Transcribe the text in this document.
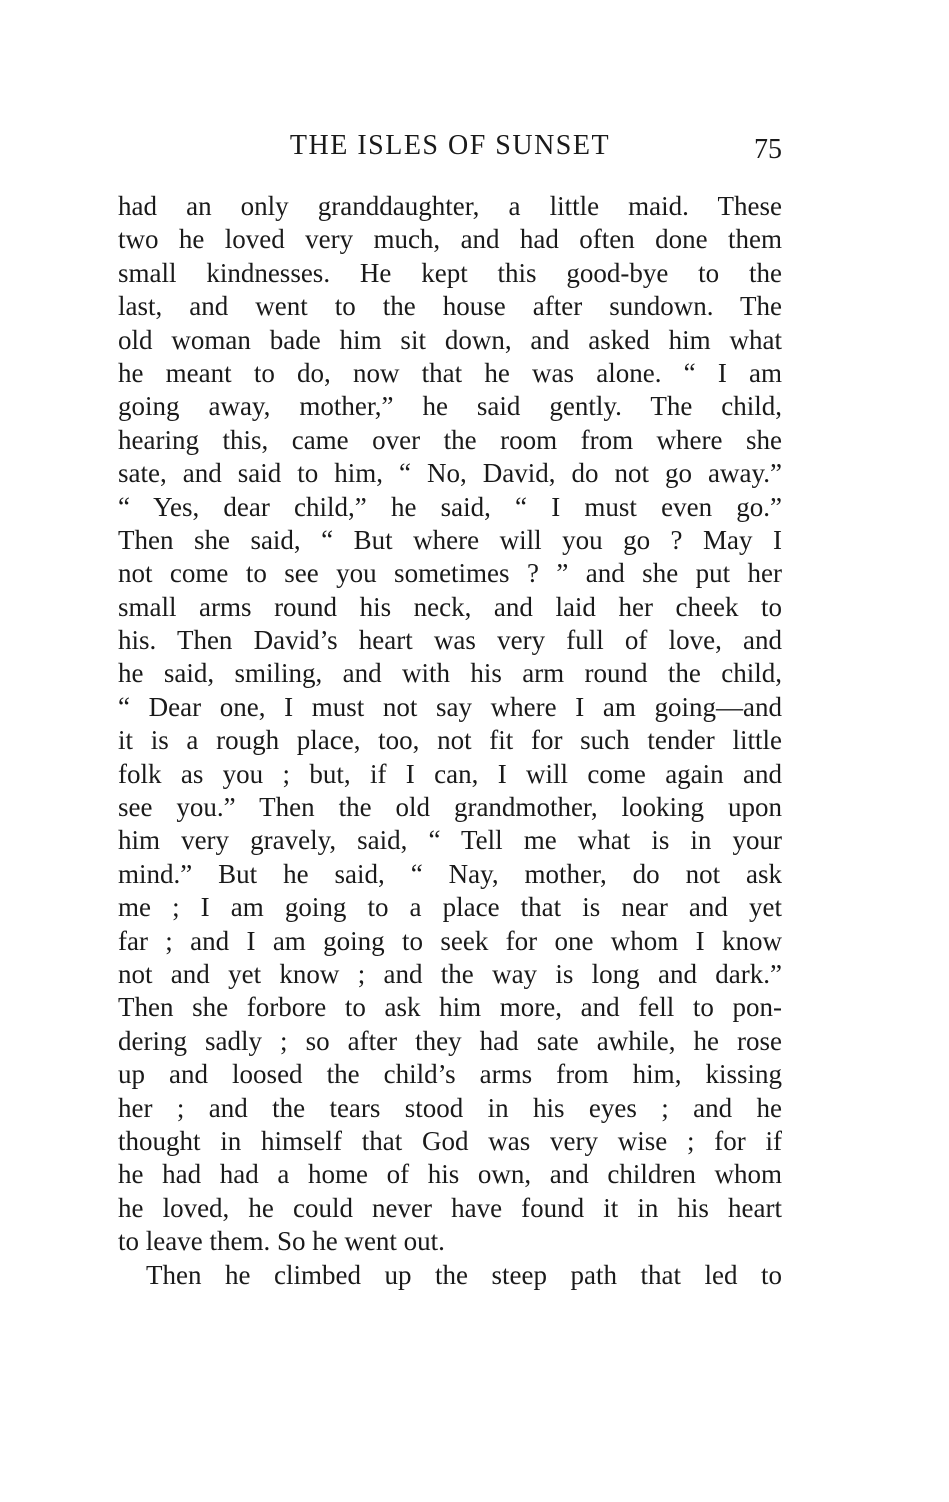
THE ISLES OF SUNSET	75
had an only granddaughter, a little maid. These
two he loved very much, and had often done them
small kindnesses. He kept this good-bye to the
last, and went to the house after sundown. The
old woman bade him sit down, and asked him what
he meant to do, now that he was alone. “ I am
going away, mother,” he said gently. The child,
hearing this, came over the room from where she
sate, and said to him, “ No, David, do not go away.”
“ Yes, dear child,” he said, “ I must even go.”
Then she said, “ But where will you go ? May I
not come to see you sometimes ? ” and she put her
small arms round his neck, and laid her cheek to
his. Then David’s heart was very full of love, and
he said, smiling, and with his arm round the child,
“ Dear one, I must not say where I am going—and
it is a rough place, too, not fit for such tender little
folk as you ; but, if I can, I will come again and
see you.” Then the old grandmother, looking upon
him very gravely, said, “ Tell me what is in your
mind.” But he said, “ Nay, mother, do not ask
me ; I am going to a place that is near and yet
far ; and I am going to seek for one whom I know
not and yet know ; and the way is long and dark.”
Then she forbore to ask him more, and fell to pon-
dering sadly ; so after they had sate awhile, he rose
up and loosed the child’s arms from him, kissing
her ; and the tears stood in his eyes ; and he
thought in himself that God was very wise ; for if
he had had a home of his own, and children whom
he loved, he could never have found it in his heart
to leave them. So he went out.
Then he climbed up the steep path that led to
